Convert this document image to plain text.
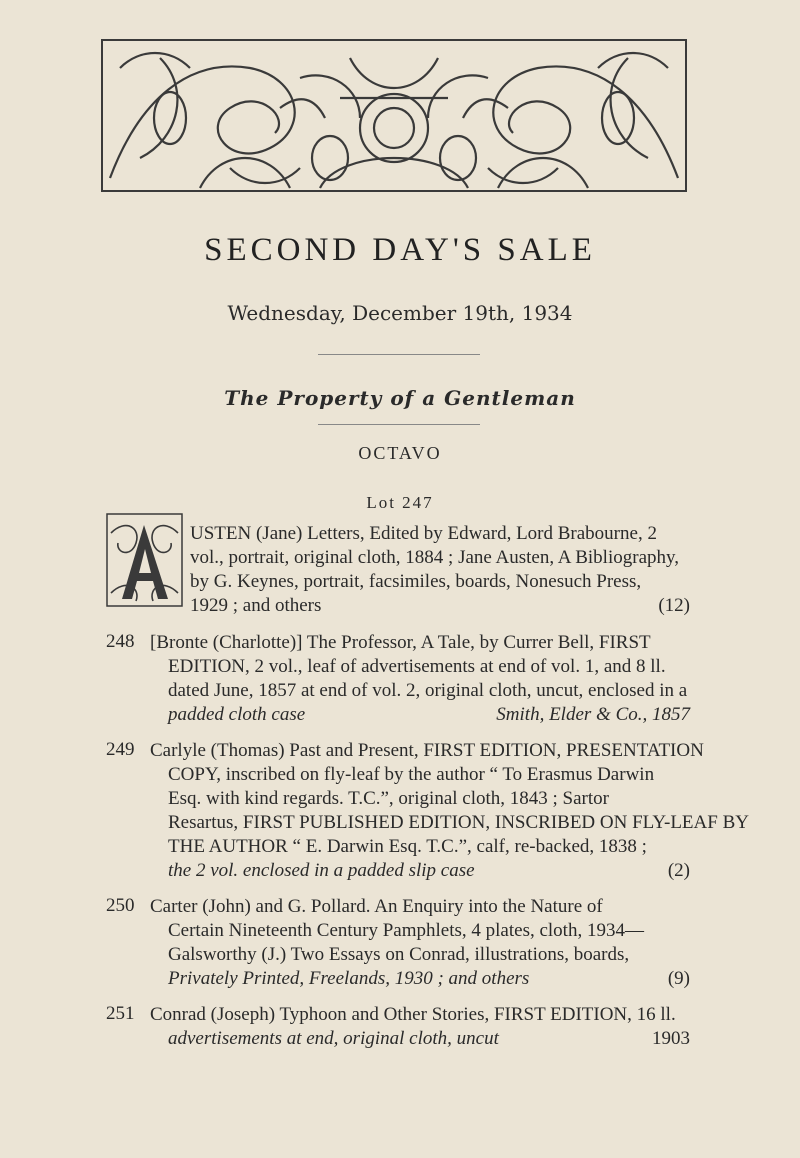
SECOND DAY'S SALE
Wednesday, December 19th, 1934
The Property of a Gentleman
OCTAVO
Lot 247
USTEN (Jane) Letters, Edited by Edward, Lord Brabourne, 2
vol., portrait, original cloth, 1884 ; Jane Austen, A Bibliography,
by G. Keynes, portrait, facsimiles, boards, Nonesuch Press,
1929 ; and others	(12)
248 [Bronte (Charlotte)] The Professor, A Tale, by Currer Bell, FIRST
EDITION, 2 vol., leaf of advertisements at end of vol. 1, and 8 ll.
dated June, 1857 at end of vol. 2, original cloth, uncut, enclosed in a
padded cloth case	Smith, Elder & Co., 1857
249 Carlyle (Thomas) Past and Present, FIRST EDITION, PRESENTATION
COPY, inscribed on fly-leaf by the author “ To Erasmus Darwin
Esq. with kind regards. T.C.”, original cloth, 1843 ; Sartor
Resartus, FIRST PUBLISHED EDITION, INSCRIBED ON FLY-LEAF BY
THE AUTHOR “ E. Darwin Esq. T.C.”, calf, re-backed, 1838 ;
the 2 vol. enclosed in a padded slip case	(2)
250 Carter (John) and G. Pollard. An Enquiry into the Nature of
Certain Nineteenth Century Pamphlets, 4 plates, cloth, 1934—
Galsworthy (J.) Two Essays on Conrad, illustrations, boards,
Privately Printed, Freelands, 1930 ; and others	(9)
251 Conrad (Joseph) Typhoon and Other Stories, FIRST EDITION, 16 ll.
advertisements at end, original cloth, uncut	1903
